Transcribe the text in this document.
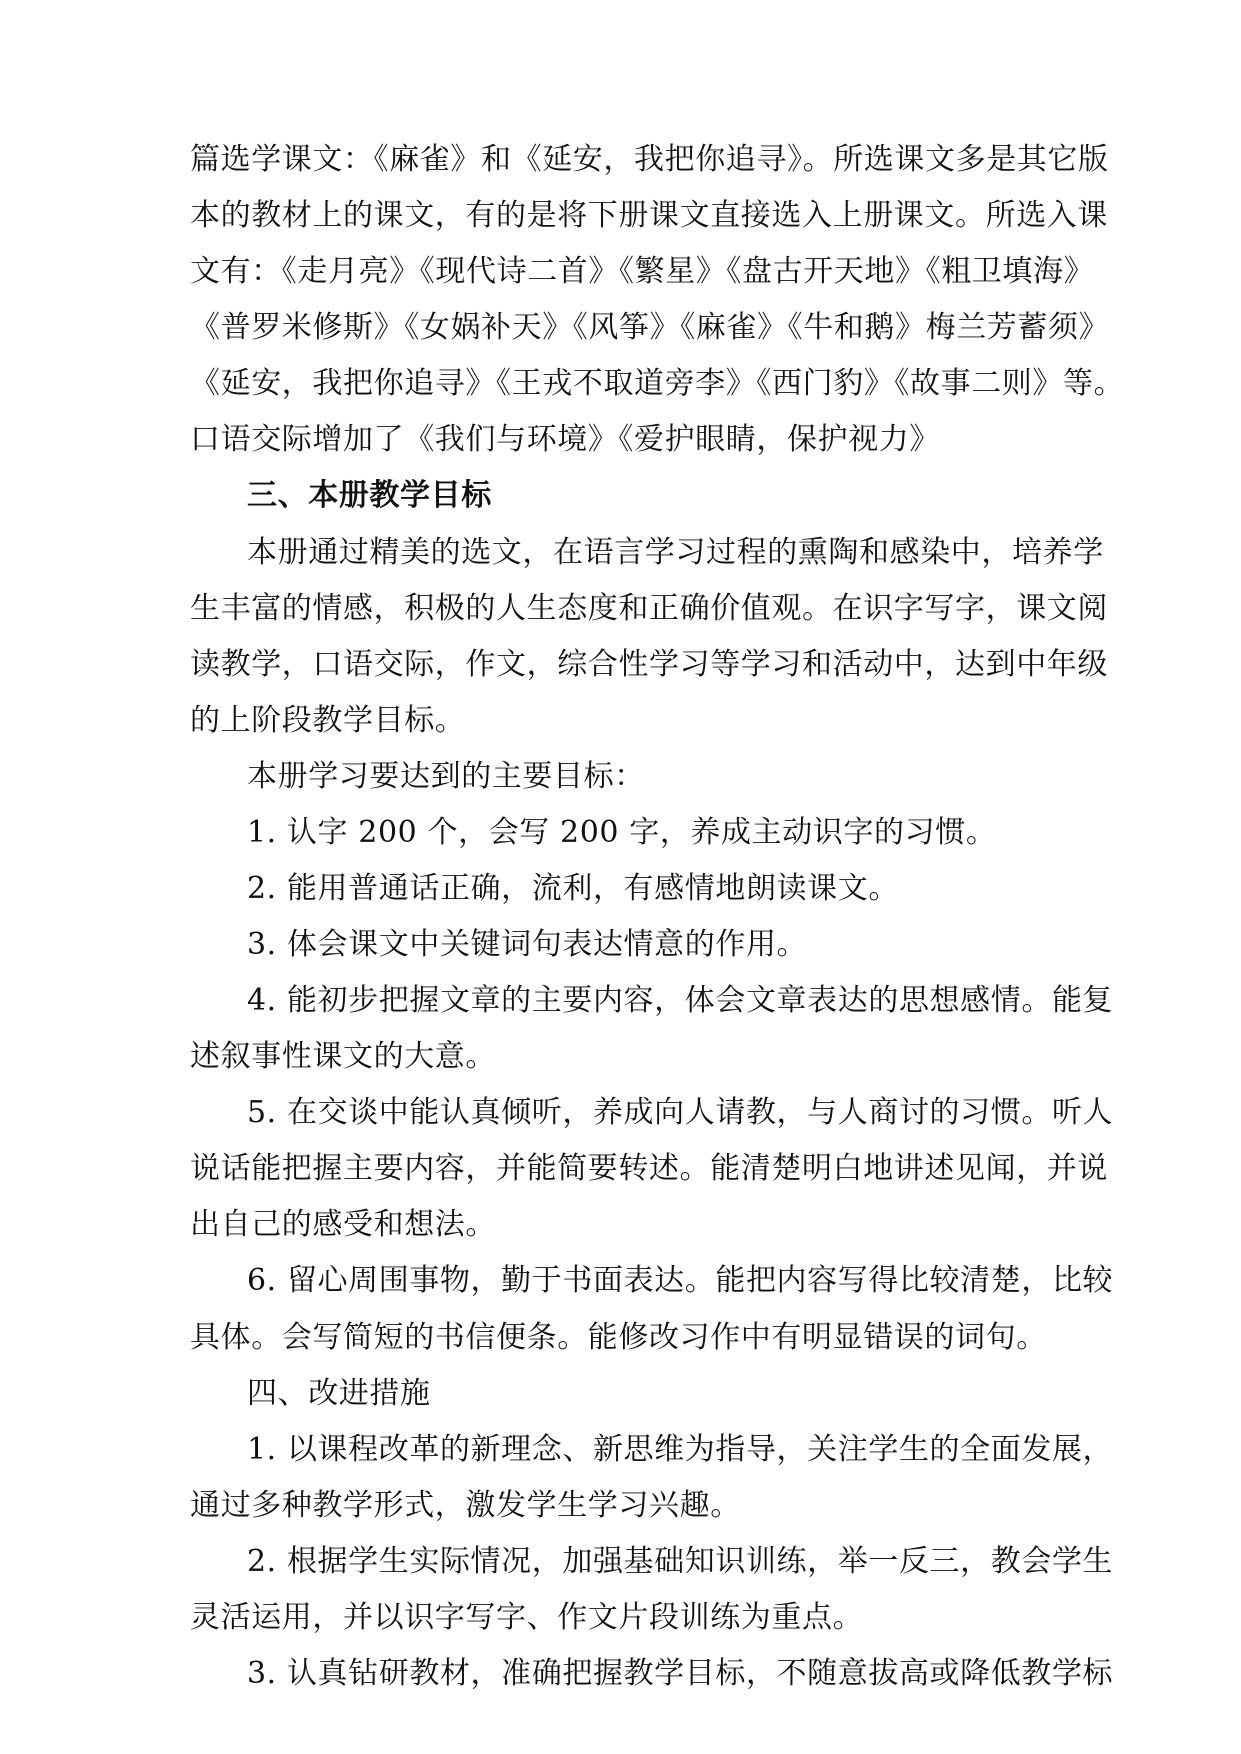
篇选学课文：《麻雀》和《延安，我把你追寻》。所选课文多是其它版
本的教材上的课文，有的是将下册课文直接选入上册课文。所选入课
文有：《走月亮》《现代诗二首》《繁星》《盘古开天地》《粗卫填海》
《普罗米修斯》《女娲补天》《风筝》《麻雀》《牛和鹅》梅兰芳蓄须》
《延安，我把你追寻》《王戎不取道旁李》《西门豹》《故事二则》等。
口语交际增加了《我们与环境》《爱护眼睛，保护视力》
三、本册教学目标
本册通过精美的选文，在语言学习过程的熏陶和感染中，培养学
生丰富的情感，积极的人生态度和正确价值观。在识字写字，课文阅
读教学，口语交际，作文，综合性学习等学习和活动中，达到中年级
的上阶段教学目标。
本册学习要达到的主要目标：
1. 认字 200 个，会写 200 字，养成主动识字的习惯。
2. 能用普通话正确，流利，有感情地朗读课文。
3. 体会课文中关键词句表达情意的作用。
4. 能初步把握文章的主要内容，体会文章表达的思想感情。能复
述叙事性课文的大意。
5. 在交谈中能认真倾听，养成向人请教，与人商讨的习惯。听人
说话能把握主要内容，并能简要转述。能清楚明白地讲述见闻，并说
出自己的感受和想法。
6. 留心周围事物，勤于书面表达。能把内容写得比较清楚，比较
具体。会写简短的书信便条。能修改习作中有明显错误的词句。
四、改进措施
1. 以课程改革的新理念、新思维为指导，关注学生的全面发展，
通过多种教学形式，激发学生学习兴趣。
2. 根据学生实际情况，加强基础知识训练，举一反三，教会学生
灵活运用，并以识字写字、作文片段训练为重点。
3. 认真钻研教材，准确把握教学目标，不随意拔高或降低教学标
